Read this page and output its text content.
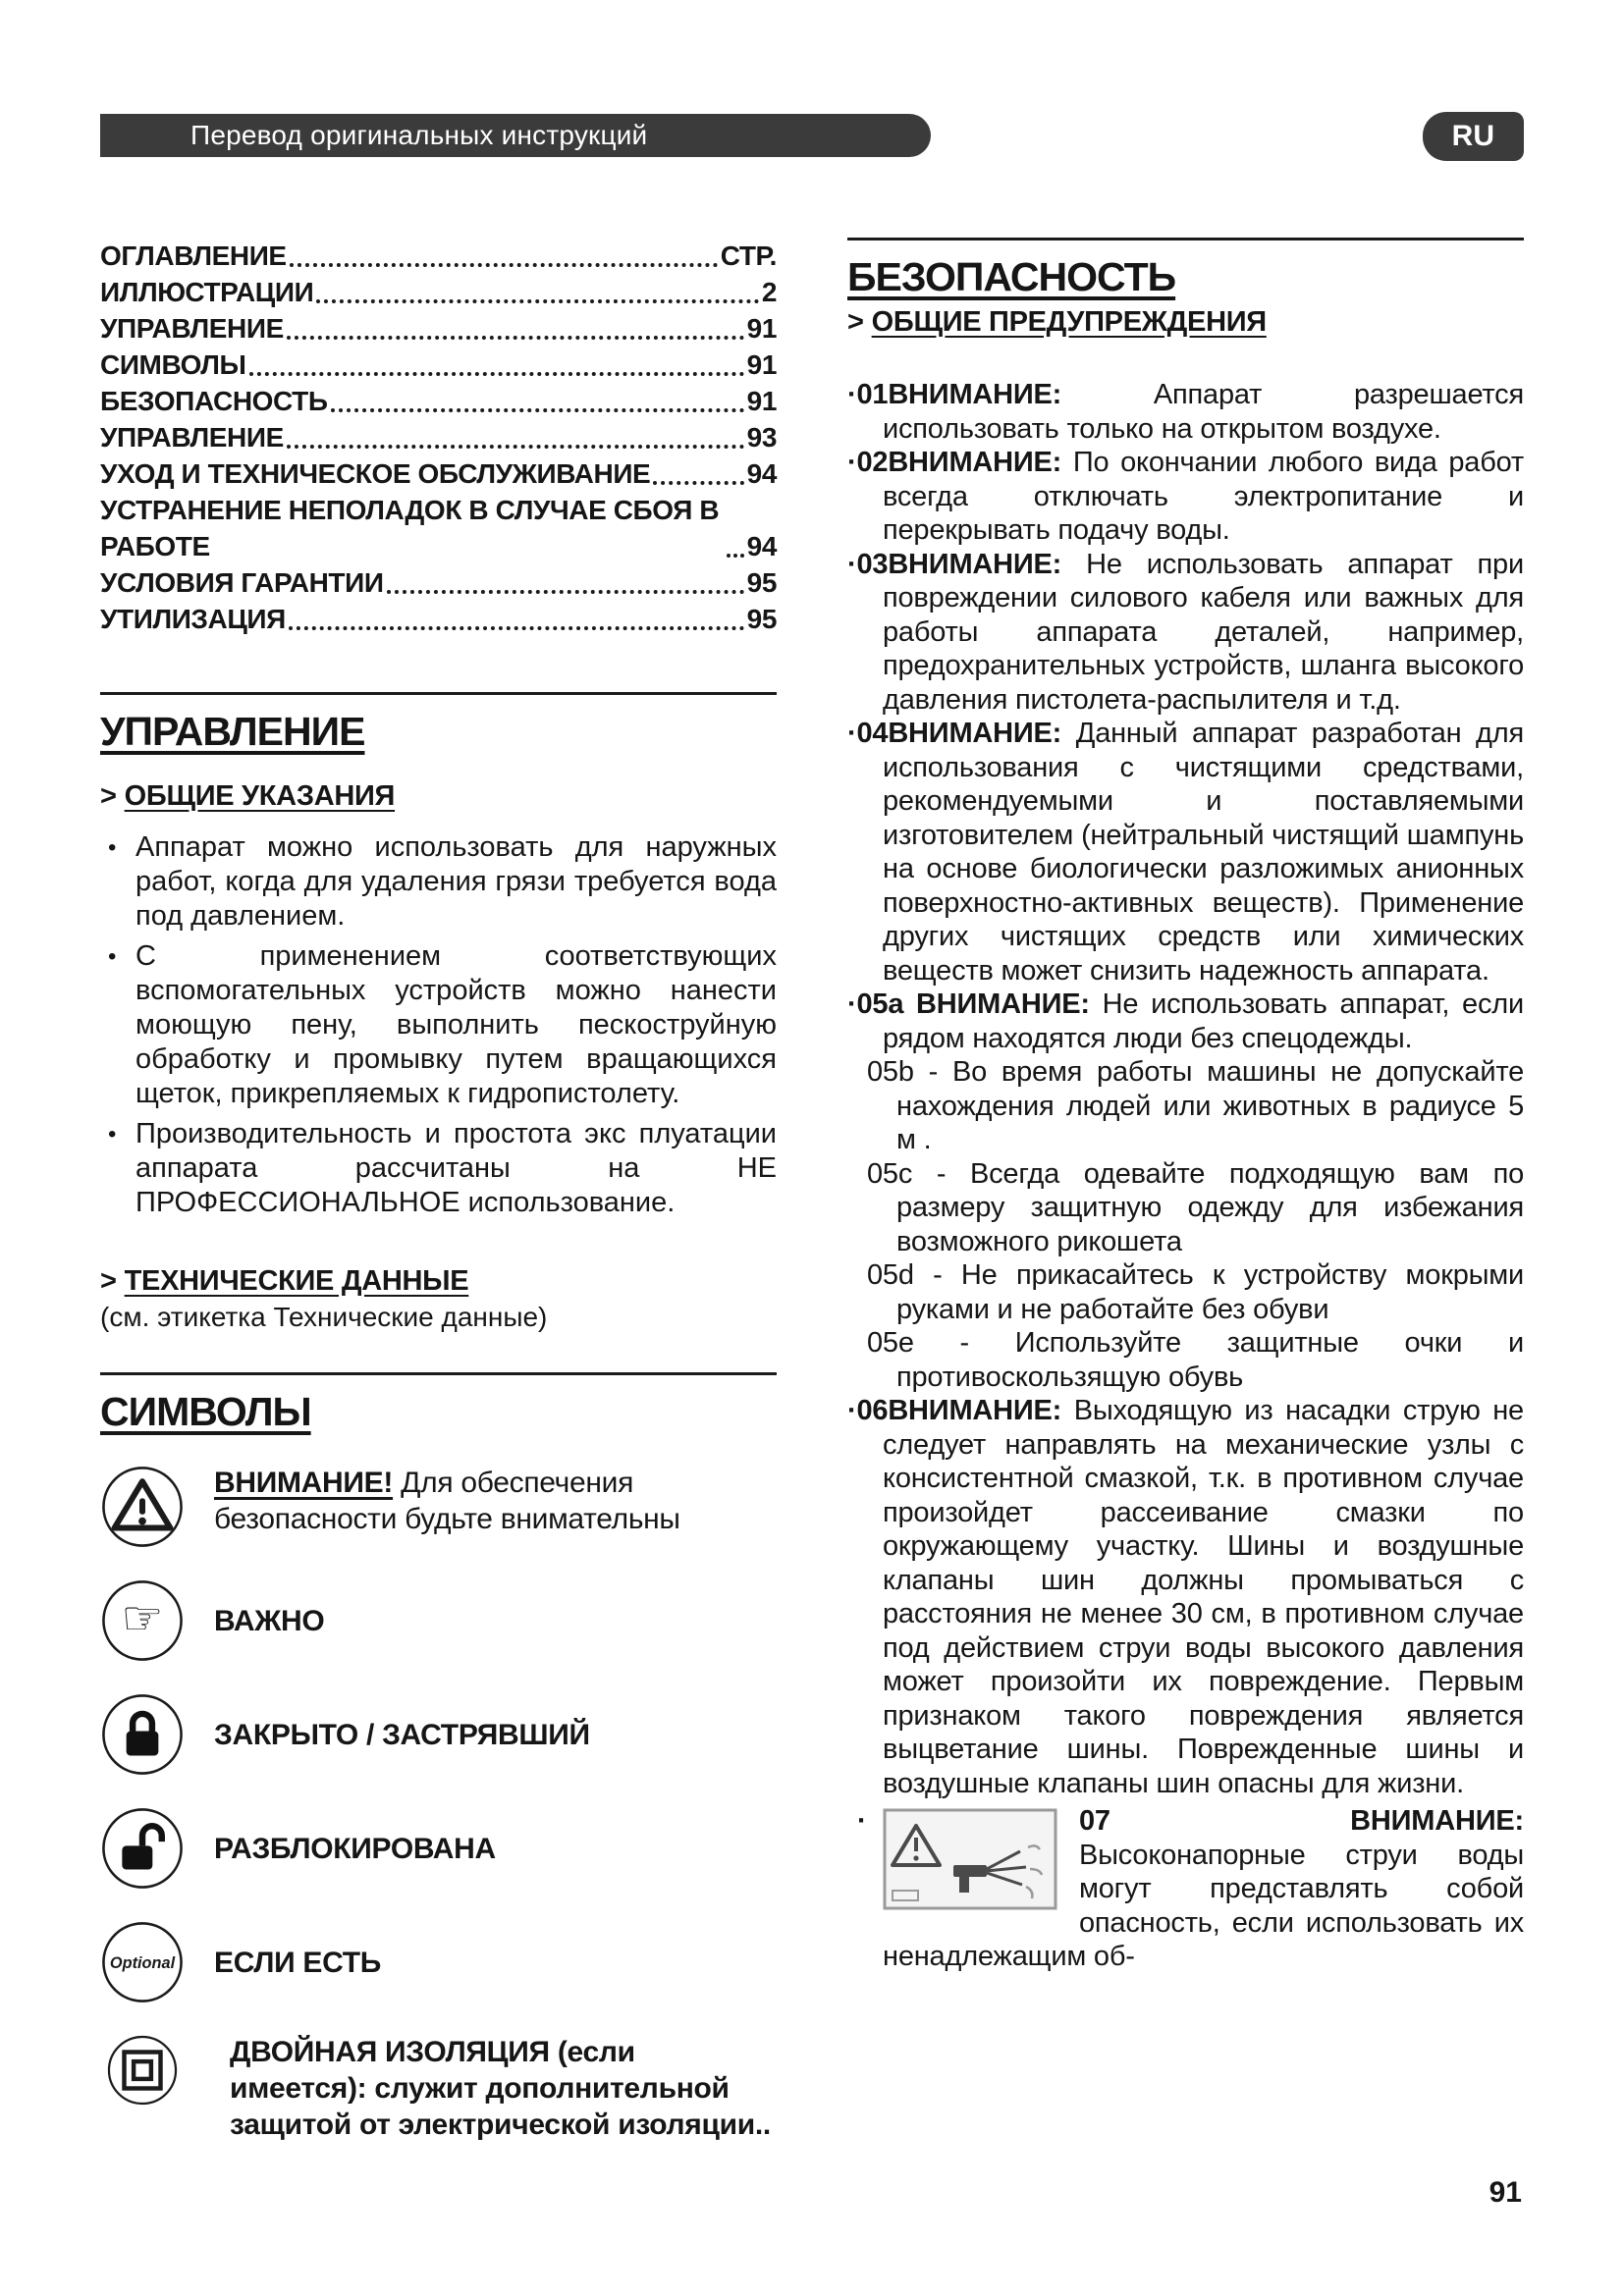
Перевод оригинальных инструкций	RU
ОГЛАВЛЕНИЕ	СТР.
ИЛЛЮСТРАЦИИ	2
УПРАВЛЕНИЕ	91
СИМВОЛЫ	91
БЕЗОПАСНОСТЬ	91
УПРАВЛЕНИЕ	93
УХОД И ТЕХНИЧЕСКОЕ ОБСЛУЖИВАНИЕ	94
УСТРАНЕНИЕ НЕПОЛАДОК В СЛУЧАЕ СБОЯ В РАБОТЕ	94
УСЛОВИЯ ГАРАНТИИ	95
УТИЛИЗАЦИЯ	95
УПРАВЛЕНИЕ
> ОБЩИЕ УКАЗАНИЯ

• Аппарат можно использовать для наружных работ, когда для удаления грязи требуется вода под давлением.

• С применением соответствующих вспомогательных устройств можно нанести моющую пену, выполнить пескоструйную обработку и промывку путем вращающихся щеток, прикрепляемых к гидропистолету.

• Производительность и простота экс плуатации аппарата рассчитаны на НЕ ПРОФЕССИОНАЛЬНОЕ использование.

> ТЕХНИЧЕСКИЕ ДАННЫЕ

(см. этикетка Технические данные)

СИМВОЛЫ
ВНИМАНИЕ! Для обеспечения безопасности будьте внимательны
☞ ВАЖНО
ЗАКРЫТО / ЗАСТРЯВШИЙ
РАЗБЛОКИРОВАНА
Optional ЕСЛИ ЕСТЬ
ДВОЙНАЯ ИЗОЛЯЦИЯ (если имеется): служит дополнительной защитой от электрической изоляции..
БЕЗОПАСНОСТЬ
> ОБЩИЕ ПРЕДУПРЕЖДЕНИЯ

·01ВНИМАНИЕ:	Аппарат разрешается использовать только на открытом воздухе.

·02ВНИМАНИЕ: По окончании любого вида работ всегда отключать электропитание и перекрывать подачу воды.

·03ВНИМАНИЕ: Не использовать аппарат при повреждении силового кабеля или важных для работы аппарата деталей, например, предохранительных устройств, шланга высокого давления пистолета-распылителя и т.д.

·04ВНИМАНИЕ: Данный аппарат разработан для использования с чистящими средствами, рекомендуемыми и поставляемыми изготовителем (нейтральный чистящий шампунь на основе биологически разложимых анионных поверхностно-активных веществ). Применение других чистящих средств или химических веществ может снизить надежность аппарата.

·05a ВНИМАНИЕ: Не использовать аппарат, если рядом находятся люди без спецодежды.

05b - Во время работы машины не допускайте нахождения людей или животных в радиусе 5 м .

05c - Всегда одевайте подходящую вам по размеру защитную одежду для избежания возможного рикошета

05d - Не прикасайтесь к устройству мокрыми руками и не работайте без обуви

05e - Используйте защитные очки и противоскользящую обувь

·06ВНИМАНИЕ: Выходящую из насадки струю не следует направлять на механические узлы с консистентной смазкой, т.к. в противном случае произойдет рассеивание смазки по окружающему участку. Шины и воздушные клапаны шин должны промываться с расстояния не менее 30 см, в противном случае под действием струи воды высокого давления может произойти их повреждение. Первым признаком такого повреждения является выцветание шины. Поврежденные шины и воздушные клапаны шин опасны для жизни.

·	07 ВНИМАНИЕ: Высоконапорные струи воды могут представлять собой опасность, если использовать их ненадлежащим об-

91
